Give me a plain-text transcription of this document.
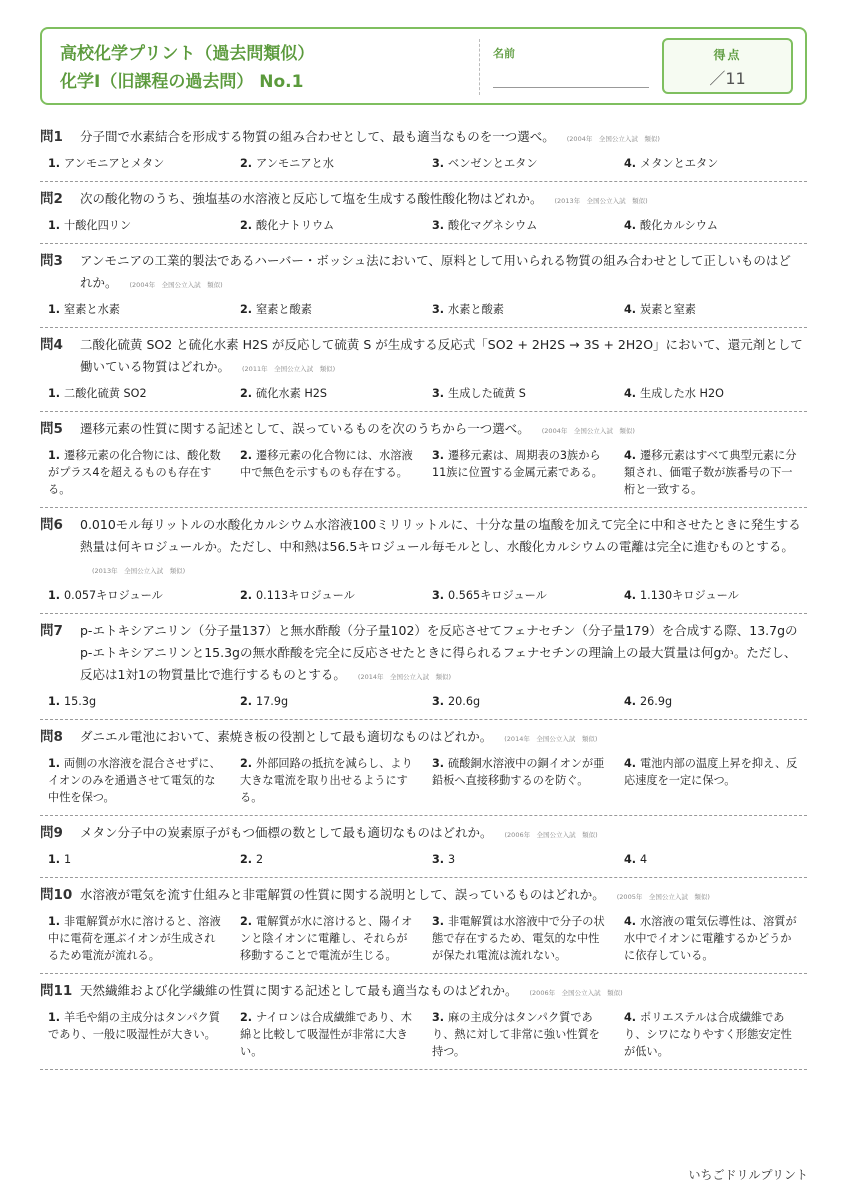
高校化学プリント（過去問類似）
化学Ⅰ（旧課程の過去問） No.1
名前	得点
／11
問1	分子間で水素結合を形成する物質の組み合わせとして、最も適当なものを一つ選べ。 (2004年　全国公立入試　類似)
1. アンモニアとメタン	2. アンモニアと水	3. ベンゼンとエタン	4. メタンとエタン
問2	次の酸化物のうち、強塩基の水溶液と反応して塩を生成する酸性酸化物はどれか。 (2013年　全国公立入試　類似)
1. 十酸化四リン	2. 酸化ナトリウム	3. 酸化マグネシウム	4. 酸化カルシウム
問3	アンモニアの工業的製法であるハーバー・ボッシュ法において、原料として用いられる物質の組み合わせとして正しいものはどれか。 (2004年　全国公立入試　類似)
1. 窒素と水素	2. 窒素と酸素	3. 水素と酸素	4. 炭素と窒素
問4	二酸化硫黄 SO2 と硫化水素 H2S が反応して硫黄 S が生成する反応式「SO2 + 2H2S → 3S + 2H2O」において、還元剤として働いている物質はどれか。 (2011年　全国公立入試　類似)
1. 二酸化硫黄 SO2	2. 硫化水素 H2S	3. 生成した硫黄 S	4. 生成した水 H2O
問5	遷移元素の性質に関する記述として、誤っているものを次のうちから一つ選べ。 (2004年　全国公立入試　類似)
1. 遷移元素の化合物には、酸化数がプラス4を超えるものも存在する。
2. 遷移元素の化合物には、水溶液中で無色を示すものも存在する。
3. 遷移元素は、周期表の3族から11族に位置する金属元素である。
4. 遷移元素はすべて典型元素に分類され、価電子数が族番号の下一桁と一致する。
問6	0.010モル毎リットルの水酸化カルシウム水溶液100ミリリットルに、十分な量の塩酸を加えて完全に中和させたときに発生する熱量は何キロジュールか。ただし、中和熱は56.5キロジュール毎モルとし、水酸化カルシウムの電離は完全に進むものとする。(2013年　全国公立入試　類似)
1. 0.057キロジュール	2. 0.113キロジュール	3. 0.565キロジュール	4. 1.130キロジュール
問7	p-エトキシアニリン（分子量137）と無水酢酸（分子量102）を反応させてフェナセチン（分子量179）を合成する際、13.7gのp-エトキシアニリンと15.3gの無水酢酸を完全に反応させたときに得られるフェナセチンの理論上の最大質量は何gか。ただし、反応は1対1の物質量比で進行するものとする。 (2014年　全国公立入試　類似)
1. 15.3g	2. 17.9g	3. 20.6g	4. 26.9g
問8	ダニエル電池において、素焼き板の役割として最も適切なものはどれか。 (2014年　全国公立入試　類似)
1. 両側の水溶液を混合させずに、イオンのみを通過させて電気的な中性を保つ。
2. 外部回路の抵抗を減らし、より大きな電流を取り出せるようにする。
3. 硫酸銅水溶液中の銅イオンが亜鉛板へ直接移動するのを防ぐ。
4. 電池内部の温度上昇を抑え、反応速度を一定に保つ。
問9	メタン分子中の炭素原子がもつ価標の数として最も適切なものはどれか。 (2006年　全国公立入試　類似)
1. 1	2. 2	3. 3	4. 4
問10 水溶液が電気を流す仕組みと非電解質の性質に関する説明として、誤っているものはどれか。 (2005年　全国公立入試　類似)
1. 非電解質が水に溶けると、溶液中に電荷を運ぶイオンが生成されるため電流が流れる。
2. 電解質が水に溶けると、陽イオンと陰イオンに電離し、それらが移動することで電流が生じる。
3. 非電解質は水溶液中で分子の状態で存在するため、電気的な中性が保たれ電流は流れない。
4. 水溶液の電気伝導性は、溶質が水中でイオンに電離するかどうかに依存している。
問11 天然繊維および化学繊維の性質に関する記述として最も適当なものはどれか。 (2006年　全国公立入試　類似)
1. 羊毛や絹の主成分はタンパク質であり、一般に吸湿性が大きい。
2. ナイロンは合成繊維であり、木綿と比較して吸湿性が非常に大きい。
3. 麻の主成分はタンパク質であり、熱に対して非常に強い性質を持つ。
4. ポリエステルは合成繊維であり、シワになりやすく形態安定性が低い。
いちごドリルプリント
